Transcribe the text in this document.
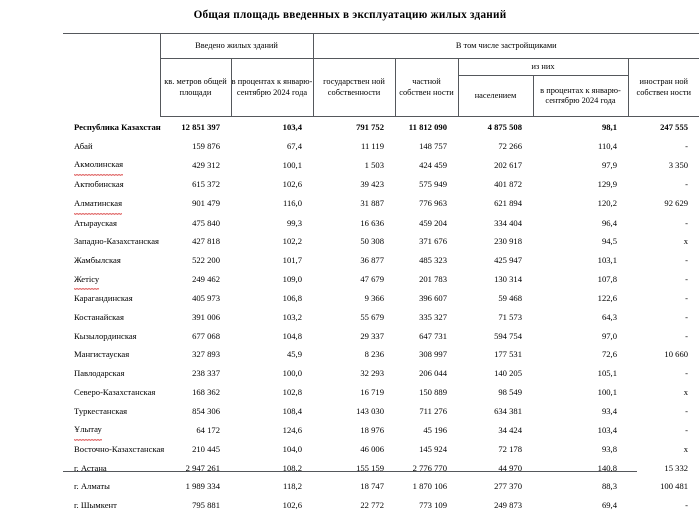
Общая площадь введенных в эксплуатацию жилых зданий
	Введено жилых зданий		В том числе застройщиками				
	кв. метров общей площади	в процентах к январю-сентябрю 2024 года	государствен ной собственности	частной собствен ности	из них		иностран ной собствен ности
					населением	в процентах к январю-сентябрю 2024 года	
Республика Казахстан	12 851 397	103,4	791 752	11 812 090	4 875 508	98,1	247 555
Абай	159 876	67,4	11 119	148 757	72 266	110,4	-
Акмолинская	429 312	100,1	1 503	424 459	202 617	97,9	3 350
Актюбинская	615 372	102,6	39 423	575 949	401 872	129,9	-
Алматинская	901 479	116,0	31 887	776 963	621 894	120,2	92 629
Атырауская	475 840	99,3	16 636	459 204	334 404	96,4	-
Западно-Казахстанская	427 818	102,2	50 308	371 676	230 918	94,5	x
Жамбылская	522 200	101,7	36 877	485 323	425 947	103,1	-
Жетісу	249 462	109,0	47 679	201 783	130 314	107,8	-
Карагандинская	405 973	106,8	9 366	396 607	59 468	122,6	-
Костанайская	391 006	103,2	55 679	335 327	71 573	64,3	-
Кызылординская	677 068	104,8	29 337	647 731	594 754	97,0	-
Мангистауская	327 893	45,9	8 236	308 997	177 531	72,6	10 660
Павлодарская	238 337	100,0	32 293	206 044	140 205	105,1	-
Северо-Казахстанская	168 362	102,8	16 719	150 889	98 549	100,1	x
Туркестанская	854 306	108,4	143 030	711 276	634 381	93,4	-
Ұлытау	64 172	124,6	18 976	45 196	34 424	103,4	-
Восточно-Казахстанская	210 445	104,0	46 006	145 924	72 178	93,8	x
г. Астана	2 947 261	108,2	155 159	2 776 770	44 970	140,8	15 332
г. Алматы	1 989 334	118,2	18 747	1 870 106	277 370	88,3	100 481
г. Шымкент	795 881	102,6	22 772	773 109	249 873	69,4	-
